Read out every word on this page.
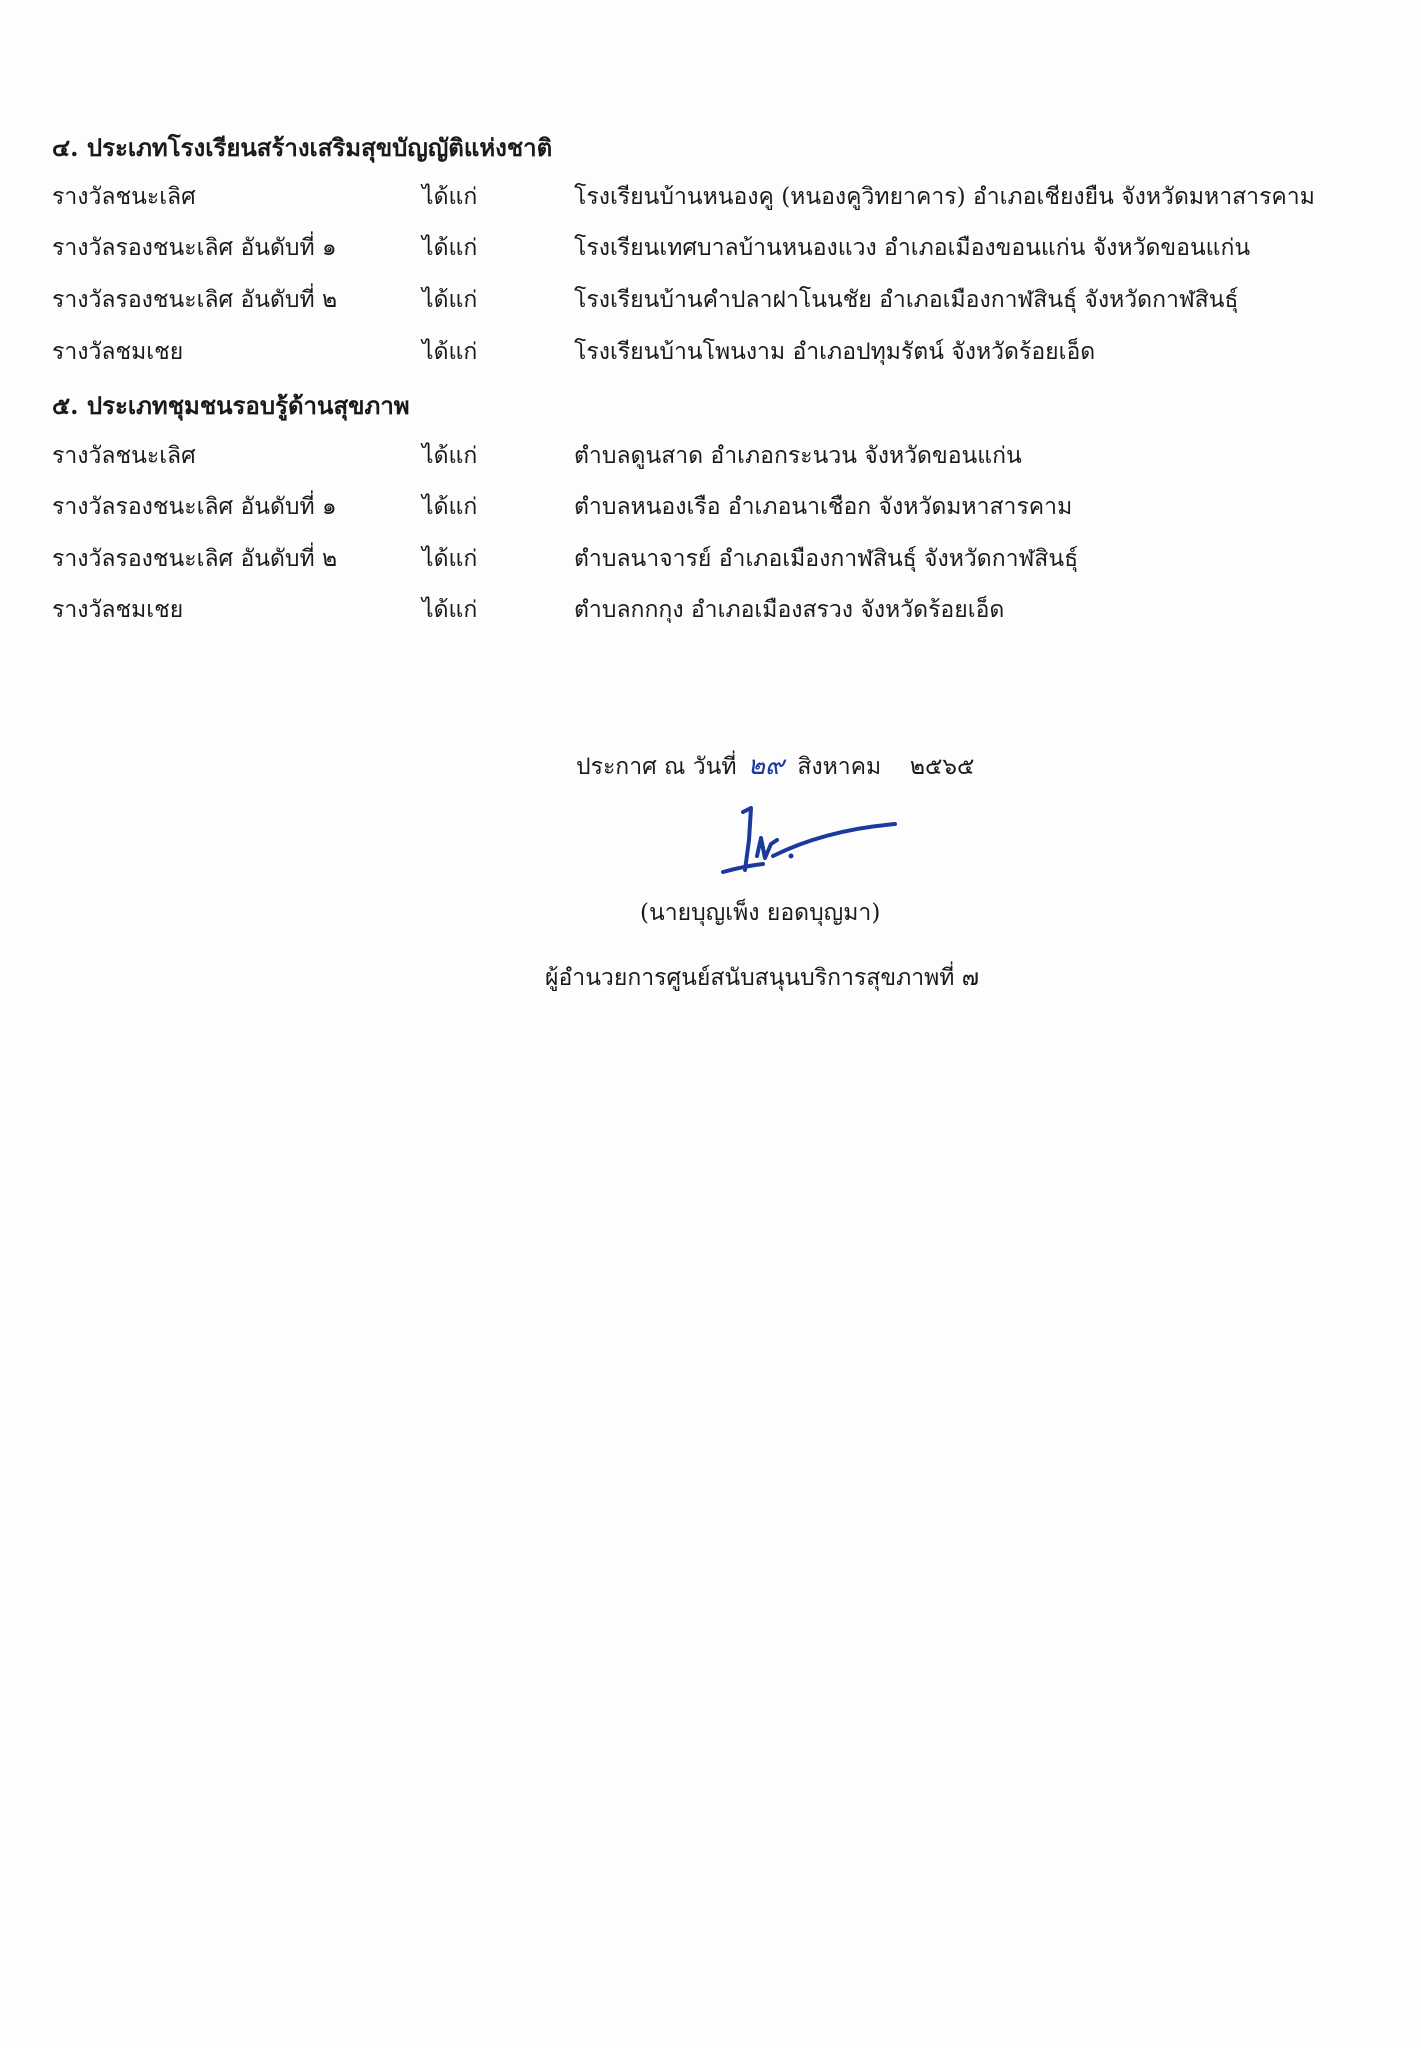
๔. ประเภทโรงเรียนสร้างเสริมสุขบัญญัติแห่งชาติ
รางวัลชนะเลิศ	ได้แก่	โรงเรียนบ้านหนองคู (หนองคูวิทยาคาร) อำเภอเชียงยืน จังหวัดมหาสารคาม
รางวัลรองชนะเลิศ อันดับที่ ๑	ได้แก่	โรงเรียนเทศบาลบ้านหนองแวง อำเภอเมืองขอนแก่น จังหวัดขอนแก่น
รางวัลรองชนะเลิศ อันดับที่ ๒	ได้แก่	โรงเรียนบ้านคำปลาฝาโนนชัย อำเภอเมืองกาฬสินธุ์ จังหวัดกาฬสินธุ์
รางวัลชมเชย	ได้แก่	โรงเรียนบ้านโพนงาม อำเภอปทุมรัตน์ จังหวัดร้อยเอ็ด
๕. ประเภทชุมชนรอบรู้ด้านสุขภาพ
รางวัลชนะเลิศ	ได้แก่	ตำบลดูนสาด อำเภอกระนวน จังหวัดขอนแก่น
รางวัลรองชนะเลิศ อันดับที่ ๑	ได้แก่	ตำบลหนองเรือ อำเภอนาเชือก จังหวัดมหาสารคาม
รางวัลรองชนะเลิศ อันดับที่ ๒	ได้แก่	ตำบลนาจารย์ อำเภอเมืองกาฬสินธุ์ จังหวัดกาฬสินธุ์
รางวัลชมเชย	ได้แก่	ตำบลกกกุง อำเภอเมืองสรวง จังหวัดร้อยเอ็ด
ประกาศ ณ วันที่ ๒๙ สิงหาคม ๒๕๖๕
(นายบุญเพ็ง ยอดบุญมา)
ผู้อำนวยการศูนย์สนับสนุนบริการสุขภาพที่ ๗
